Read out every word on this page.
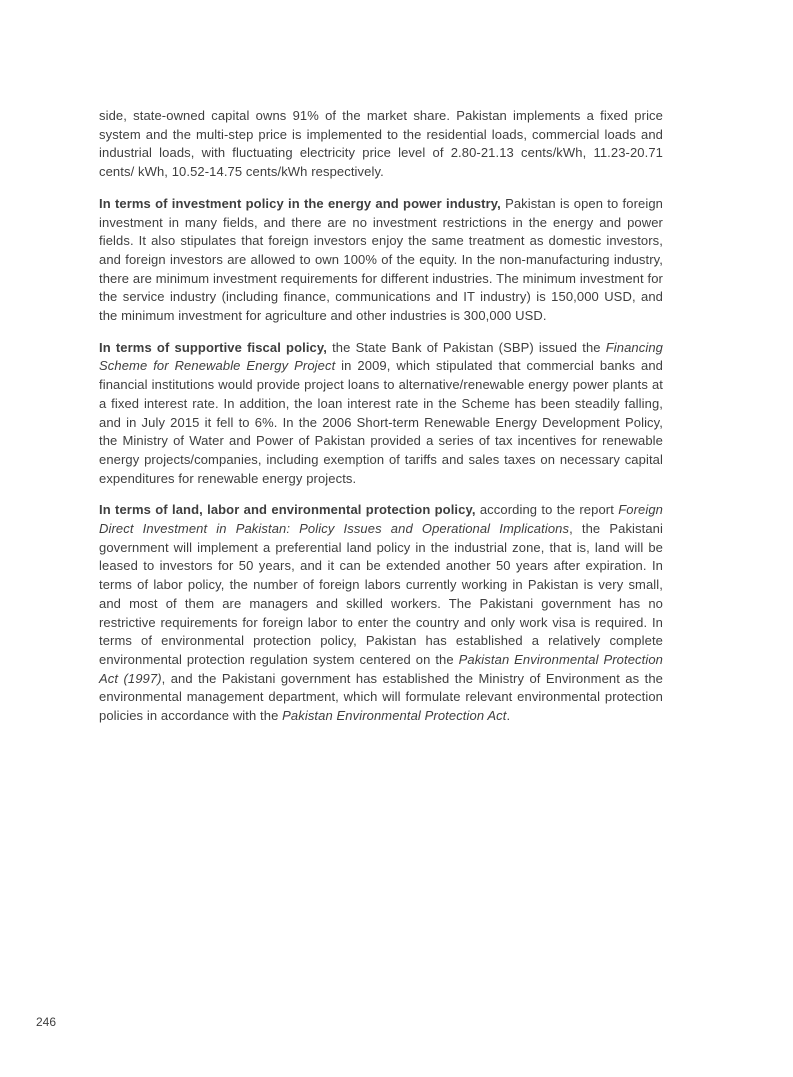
side, state-owned capital owns 91% of the market share. Pakistan implements a fixed price system and the multi-step price is implemented to the residential loads, commercial loads and industrial loads, with fluctuating electricity price level of 2.80-21.13 cents/kWh, 11.23-20.71 cents/ kWh, 10.52-14.75 cents/kWh respectively.

In terms of investment policy in the energy and power industry, Pakistan is open to foreign investment in many fields, and there are no investment restrictions in the energy and power fields. It also stipulates that foreign investors enjoy the same treatment as domestic investors, and foreign investors are allowed to own 100% of the equity. In the non-manufacturing industry, there are minimum investment requirements for different industries. The minimum investment for the service industry (including finance, communications and IT industry) is 150,000 USD, and the minimum investment for agriculture and other industries is 300,000 USD.

In terms of supportive fiscal policy, the State Bank of Pakistan (SBP) issued the Financing Scheme for Renewable Energy Project in 2009, which stipulated that commercial banks and financial institutions would provide project loans to alternative/renewable energy power plants at a fixed interest rate. In addition, the loan interest rate in the Scheme has been steadily falling, and in July 2015 it fell to 6%. In the 2006 Short-term Renewable Energy Development Policy, the Ministry of Water and Power of Pakistan provided a series of tax incentives for renewable energy projects/companies, including exemption of tariffs and sales taxes on necessary capital expenditures for renewable energy projects.

In terms of land, labor and environmental protection policy, according to the report Foreign Direct Investment in Pakistan: Policy Issues and Operational Implications, the Pakistani government will implement a preferential land policy in the industrial zone, that is, land will be leased to investors for 50 years, and it can be extended another 50 years after expiration. In terms of labor policy, the number of foreign labors currently working in Pakistan is very small, and most of them are managers and skilled workers. The Pakistani government has no restrictive requirements for foreign labor to enter the country and only work visa is required. In terms of environmental protection policy, Pakistan has established a relatively complete environmental protection regulation system centered on the Pakistan Environmental Protection Act (1997), and the Pakistani government has established the Ministry of Environment as the environmental management department, which will formulate relevant environmental protection policies in accordance with the Pakistan Environmental Protection Act.

246
